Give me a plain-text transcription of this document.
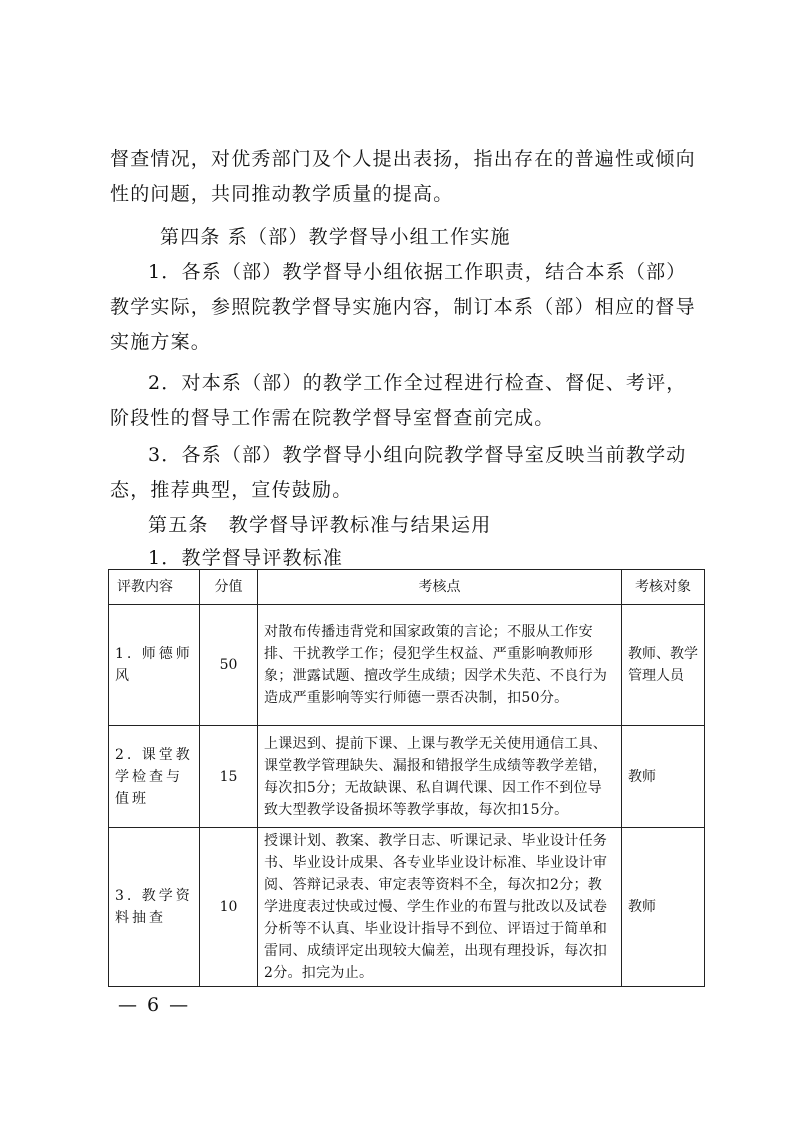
督查情况，对优秀部门及个人提出表扬，指出存在的普遍性或倾向性的问题，共同推动教学质量的提高。

第四条 系（部）教学督导小组工作实施

1．各系（部）教学督导小组依据工作职责，结合本系（部）教学实际，参照院教学督导实施内容，制订本系（部）相应的督导实施方案。

2．对本系（部）的教学工作全过程进行检查、督促、考评，阶段性的督导工作需在院教学督导室督查前完成。

3．各系（部）教学督导小组向院教学督导室反映当前教学动态，推荐典型，宣传鼓励。

第五条　教学督导评教标准与结果运用

1．教学督导评教标准

评教内容	分值	考核点	考核对象
1. 师德师风	50	对散布传播违背党和国家政策的言论；不服从工作安排、干扰教学工作；侵犯学生权益、严重影响教师形象；泄露试题、擅改学生成绩；因学术失范、不良行为造成严重影响等实行师德一票否决制，扣50分。	教师、教学管理人员
2. 课堂教学检查与值班	15	上课迟到、提前下课、上课与教学无关使用通信工具、课堂教学管理缺失、漏报和错报学生成绩等教学差错，每次扣5分；无故缺课、私自调代课、因工作不到位导致大型教学设备损坏等教学事故，每次扣15分。	教师
3. 教学资料抽查	10	授课计划、教案、教学日志、听课记录、毕业设计任务书、毕业设计成果、各专业毕业设计标准、毕业设计审阅、答辩记录表、审定表等资料不全，每次扣2分；教学进度表过快或过慢、学生作业的布置与批改以及试卷分析等不认真、毕业设计指导不到位、评语过于简单和雷同、成绩评定出现较大偏差，出现有理投诉，每次扣2分。扣完为止。	教师
— 6 —
